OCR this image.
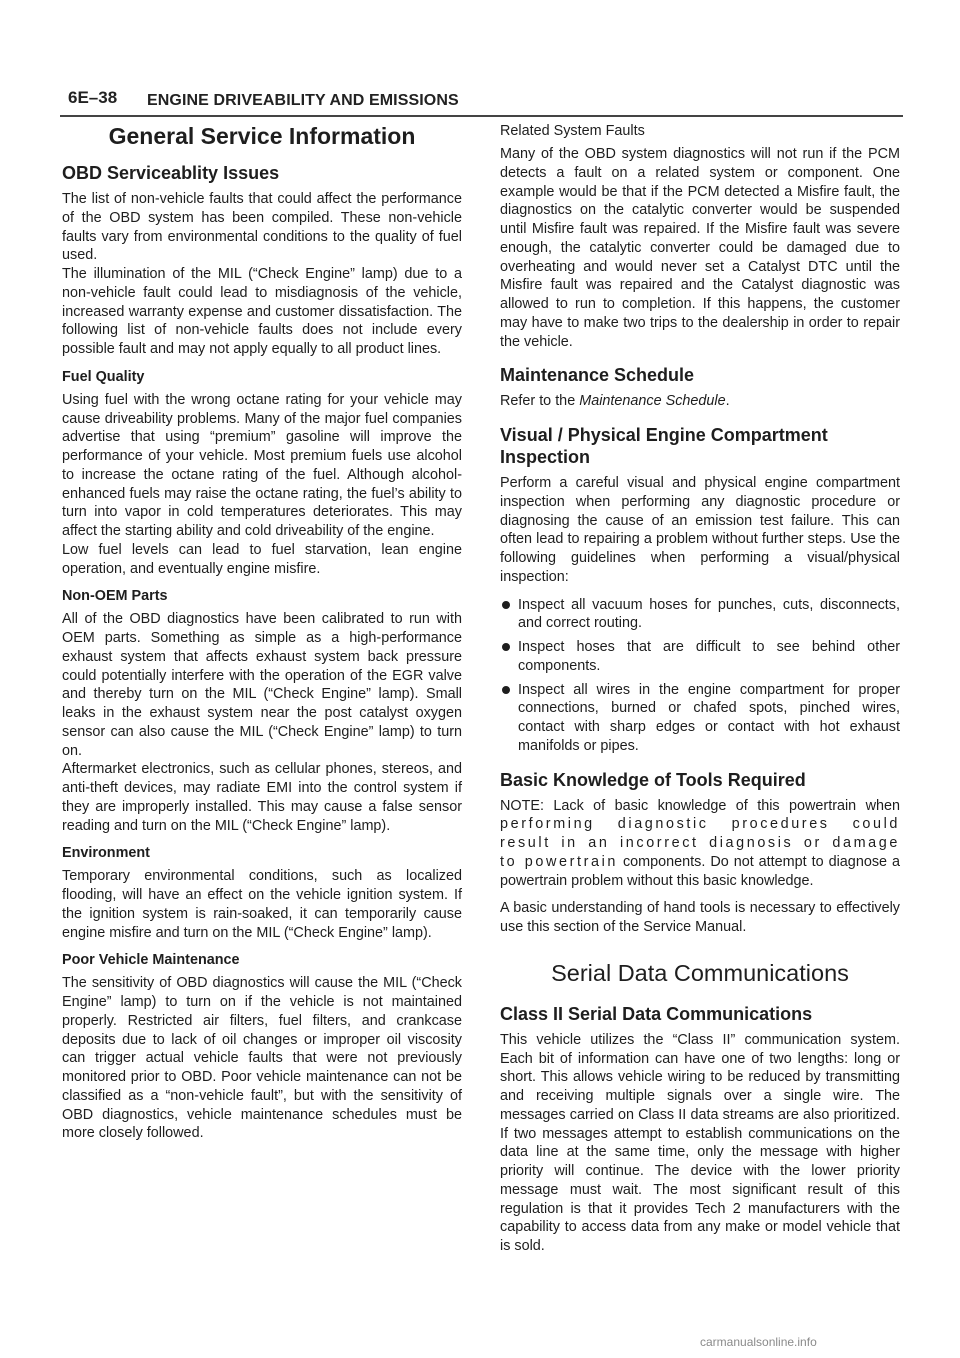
6E–38 ENGINE DRIVEABILITY AND EMISSIONS
General Service Information
OBD Serviceablity Issues

The list of non-vehicle faults that could affect the performance of the OBD system has been compiled. These non-vehicle faults vary from environmental conditions to the quality of fuel used.

The illumination of the MIL (“Check Engine” lamp) due to a non-vehicle fault could lead to misdiagnosis of the vehicle, increased warranty expense and customer dissatisfaction. The following list of non-vehicle faults does not include every possible fault and may not apply equally to all product lines.

Fuel Quality

Using fuel with the wrong octane rating for your vehicle may cause driveability problems. Many of the major fuel companies advertise that using “premium” gasoline will improve the performance of your vehicle. Most premium fuels use alcohol to increase the octane rating of the fuel. Although alcohol-enhanced fuels may raise the octane rating, the fuel’s ability to turn into vapor in cold temperatures deteriorates. This may affect the starting ability and cold driveability of the engine.

Low fuel levels can lead to fuel starvation, lean engine operation, and eventually engine misfire.

Non-OEM Parts

All of the OBD diagnostics have been calibrated to run with OEM parts. Something as simple as a high-performance exhaust system that affects exhaust system back pressure could potentially interfere with the operation of the EGR valve and thereby turn on the MIL (“Check Engine” lamp). Small leaks in the exhaust system near the post catalyst oxygen sensor can also cause the MIL (“Check Engine” lamp) to turn on.

Aftermarket electronics, such as cellular phones, stereos, and anti-theft devices, may radiate EMI into the control system if they are improperly installed. This may cause a false sensor reading and turn on the MIL (“Check Engine” lamp).

Environment

Temporary environmental conditions, such as localized flooding, will have an effect on the vehicle ignition system. If the ignition system is rain-soaked, it can temporarily cause engine misfire and turn on the MIL (“Check Engine” lamp).

Poor Vehicle Maintenance

The sensitivity of OBD diagnostics will cause the MIL (“Check Engine” lamp) to turn on if the vehicle is not maintained properly. Restricted air filters, fuel filters, and crankcase deposits due to lack of oil changes or improper oil viscosity can trigger actual vehicle faults that were not previously monitored prior to OBD. Poor vehicle maintenance can not be classified as a “non-vehicle fault”, but with the sensitivity of OBD diagnostics, vehicle maintenance schedules must be more closely followed.

Related System Faults

Many of the OBD system diagnostics will not run if the PCM detects a fault on a related system or component. One example would be that if the PCM detected a Misfire fault, the diagnostics on the catalytic converter would be suspended until Misfire fault was repaired. If the Misfire fault was severe enough, the catalytic converter could be damaged due to overheating and would never set a Catalyst DTC until the Misfire fault was repaired and the Catalyst diagnostic was allowed to run to completion. If this happens, the customer may have to make two trips to the dealership in order to repair the vehicle.

Maintenance Schedule

Refer to the Maintenance Schedule.

Visual / Physical Engine Compartment Inspection

Perform a careful visual and physical engine compartment inspection when performing any diagnostic procedure or diagnosing the cause of an emission test failure. This can often lead to repairing a problem without further steps. Use the following guidelines when performing a visual/physical inspection:

Inspect all vacuum hoses for punches, cuts, disconnects, and correct routing.
Inspect hoses that are difficult to see behind other components.
Inspect all wires in the engine compartment for proper connections, burned or chafed spots, pinched wires, contact with sharp edges or contact with hot exhaust manifolds or pipes.
Basic Knowledge of Tools Required

NOTE: Lack of basic knowledge of this powertrain when performing diagnostic procedures could result in an incorrect diagnosis or damage to powertrain components. Do not attempt to diagnose a powertrain problem without this basic knowledge.

A basic understanding of hand tools is necessary to effectively use this section of the Service Manual.

Serial Data Communications
Class II Serial Data Communications

This vehicle utilizes the “Class II” communication system. Each bit of information can have one of two lengths: long or short. This allows vehicle wiring to be reduced by transmitting and receiving multiple signals over a single wire. The messages carried on Class II data streams are also prioritized. If two messages attempt to establish communications on the data line at the same time, only the message with higher priority will continue. The device with the lower priority message must wait. The most significant result of this regulation is that it provides Tech 2 manufacturers with the capability to access data from any make or model vehicle that is sold.

carmanualsonline.info
